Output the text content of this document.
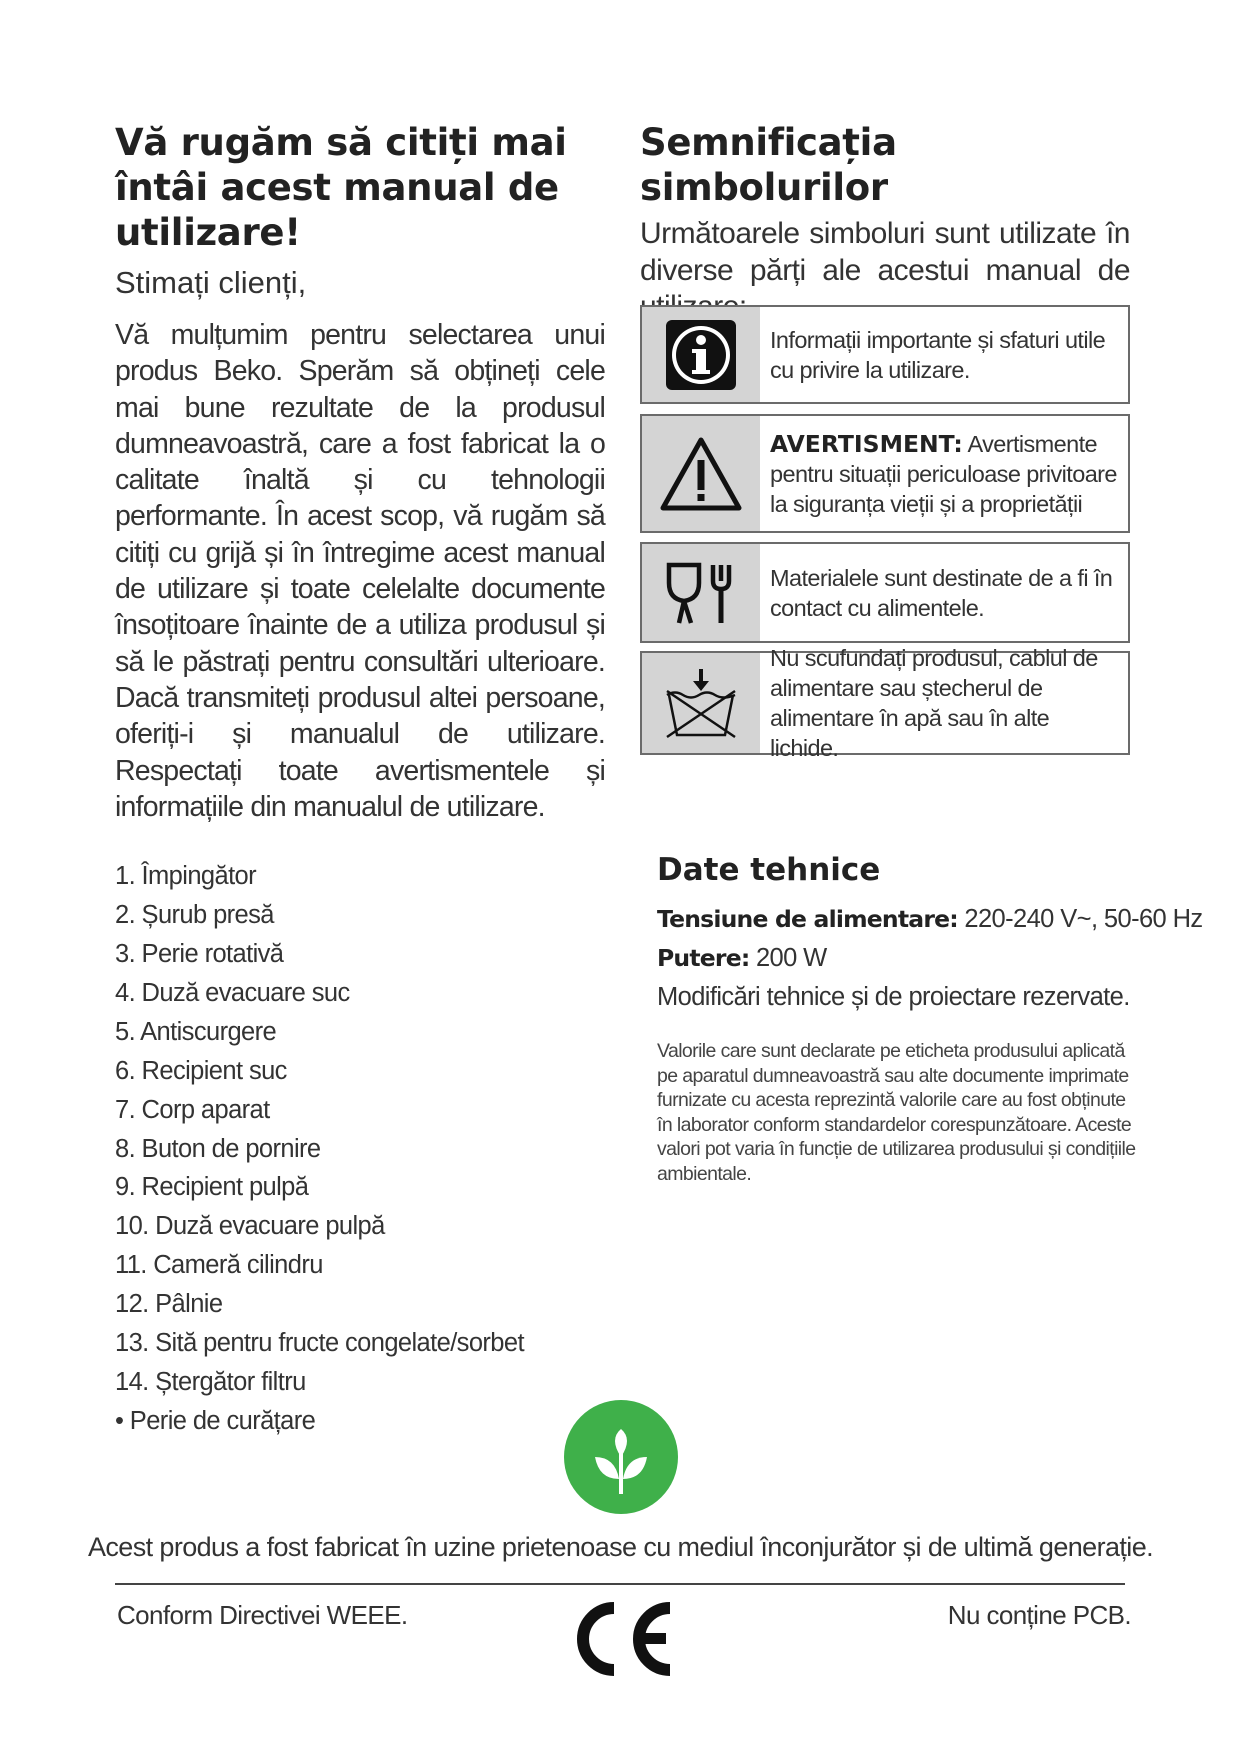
Vă rugăm să citiți mai întâi acest manual de utilizare!
Stimați clienți,

Vă mulțumim pentru selectarea unui produs Beko. Sperăm să obțineți cele mai bune rezultate de la produsul dumneavoastră, care a fost fabricat la o calitate înaltă și cu tehnologii performante. În acest scop, vă rugăm să citiți cu grijă și în întregime acest manual de utilizare și toate celelalte documente însoțitoare înainte de a utiliza produsul și să le păstrați pentru consultări ulterioare. Dacă transmiteți produsul altei persoane, oferiți-i și manualul de utilizare. Respectați toate avertismentele și informațiile din manualul de utilizare.

1. Împingător
2. Șurub presă
3. Perie rotativă
4. Duză evacuare suc
5. Antiscurgere
6. Recipient suc
7. Corp aparat
8. Buton de pornire
9. Recipient pulpă
10. Duză evacuare pulpă
11. Cameră cilindru
12. Pâlnie
13. Sită pentru fructe congelate/sorbet
14. Ștergător filtru
• Perie de curățare
Semnificația simbolurilor

Următoarele simboluri sunt utilizate în diverse părți ale acestui manual de

Informații importante și sfaturi utile cu privire la utilizare.
AVERTISMENT: Avertismente pentru situații periculoase privitoare la siguranța vieții și a proprietății
Materialele sunt destinate de a fi în contact cu alimentele.
Nu scufundați produsul, cablul de alimentare sau ștecherul de alimentare în apă sau în alte lichide.
Date tehnice
Tensiune de alimentare: 220-240 V~, 50-60 Hz
Putere: 200 W
Modificări tehnice și de proiectare rezervate.
Valorile care sunt declarate pe eticheta produsului aplicată pe aparatul dumneavoastră sau alte documente imprimate furnizate cu acesta reprezintă valorile care au fost obținute în laborator conform standardelor corespunzătoare. Aceste valori pot varia în funcție de utilizarea produsului și condițiile ambientale.
Acest produs a fost fabricat în uzine prietenoase cu mediul înconjurător și de ultimă generație.
Conform Directivei WEEE.	Nu conține PCB.
